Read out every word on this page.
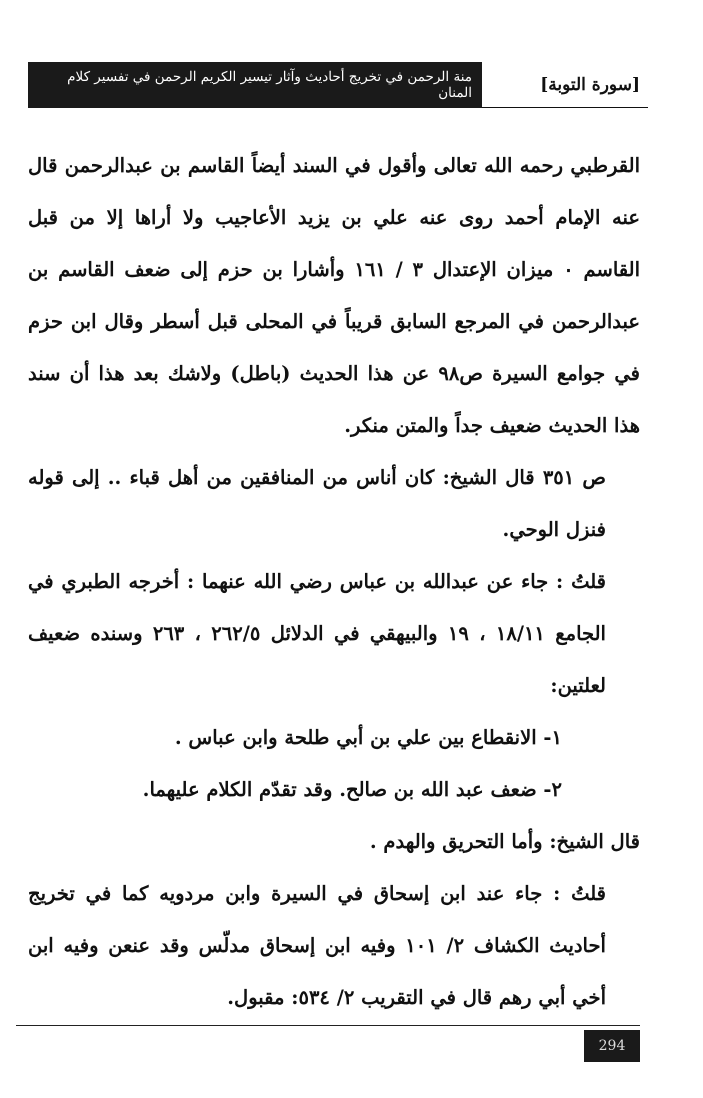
[سورة التوبة]
منة الرحمن في تخريج أحاديث وآثار تيسير الكريم الرحمن في تفسير كلام المنان

القرطبي رحمه الله تعالى وأقول في السند أيضاً القاسم بن عبدالرحمن قال عنه الإمام أحمد روى عنه علي بن يزيد الأعاجيب ولا أراها إلا من قبل القاسم ٠ ميزان الإعتدال ٣ / ١٦١ وأشارا بن حزم إلى ضعف القاسم بن عبدالرحمن في المرجع السابق قريباً في المحلى قبل أسطر وقال ابن حزم في جوامع السيرة ص٩٨ عن هذا الحديث (باطل) ولاشك بعد هذا أن سند هذا الحديث ضعيف جداً والمتن منكر.

ص ٣٥١ قال الشيخ: كان أناس من المنافقين من أهل قباء .. إلى قوله فنزل الوحي.

قلتُ : جاء عن عبدالله بن عباس رضي الله عنهما : أخرجه الطبري في الجامع ١٨/١١ ، ١٩ والبيهقي في الدلائل ٢٦٢/٥ ، ٢٦٣ وسنده ضعيف لعلتين:

١- الانقطاع بين علي بن أبي طلحة وابن عباس .

٢- ضعف عبد الله بن صالح. وقد تقدّم الكلام عليهما.

قال الشيخ: وأما التحريق والهدم .

قلتُ : جاء عند ابن إسحاق في السيرة وابن مردويه كما في تخريج أحاديث الكشاف ٢/ ١٠١ وفيه ابن إسحاق مدلّس وقد عنعن وفيه ابن أخي أبي رهم قال في التقريب ٢/ ٥٣٤: مقبول.

294
